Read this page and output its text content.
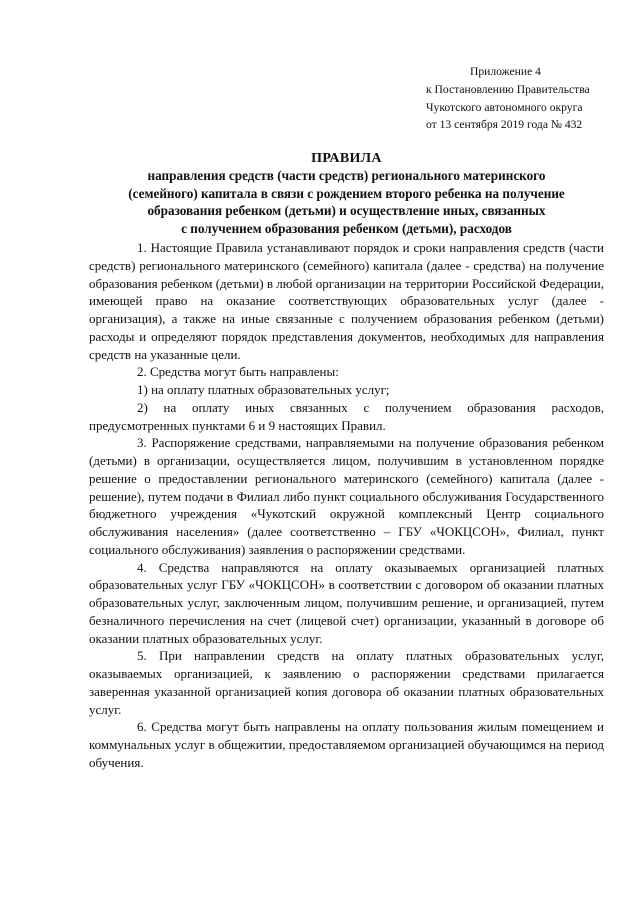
Приложение 4
к Постановлению Правительства
Чукотского автономного округа
от 13 сентября 2019 года № 432
ПРАВИЛА
направления средств (части средств) регионального материнского
(семейного) капитала в связи с рождением второго ребенка на получение
образования ребенком (детьми) и осуществление иных, связанных
с получением образования ребенком (детьми), расходов

1. Настоящие Правила устанавливают порядок и сроки направления средств (части средств) регионального материнского (семейного) капитала (далее - средства) на получение образования ребенком (детьми) в любой организации на территории Российской Федерации, имеющей право на оказание соответствующих образовательных услуг (далее - организация), а также на иные связанные с получением образования ребенком (детьми) расходы и определяют порядок представления документов, необходимых для направления средств на указанные цели.

2. Средства могут быть направлены:

1) на оплату платных образовательных услуг;

2) на оплату иных связанных с получением образования расходов, предусмотренных пунктами 6 и 9 настоящих Правил.

3. Распоряжение средствами, направляемыми на получение образования ребенком (детьми) в организации, осуществляется лицом, получившим в установленном порядке решение о предоставлении регионального материнского (семейного) капитала (далее - решение), путем подачи в Филиал либо пункт социального обслуживания Государственного бюджетного учреждения «Чукотский окружной комплексный Центр социального обслуживания населения» (далее соответственно – ГБУ «ЧОКЦСОН», Филиал, пункт социального обслуживания) заявления о распоряжении средствами.

4. Средства направляются на оплату оказываемых организацией платных образовательных услуг ГБУ «ЧОКЦСОН» в соответствии с договором об оказании платных образовательных услуг, заключенным лицом, получившим решение, и организацией, путем безналичного перечисления на счет (лицевой счет) организации, указанный в договоре об оказании платных образовательных услуг.

5. При направлении средств на оплату платных образовательных услуг, оказываемых организацией, к заявлению о распоряжении средствами прилагается заверенная указанной организацией копия договора об оказании платных образовательных услуг.

6. Средства могут быть направлены на оплату пользования жилым помещением и коммунальных услуг в общежитии, предоставляемом организацией обучающимся на период обучения.
